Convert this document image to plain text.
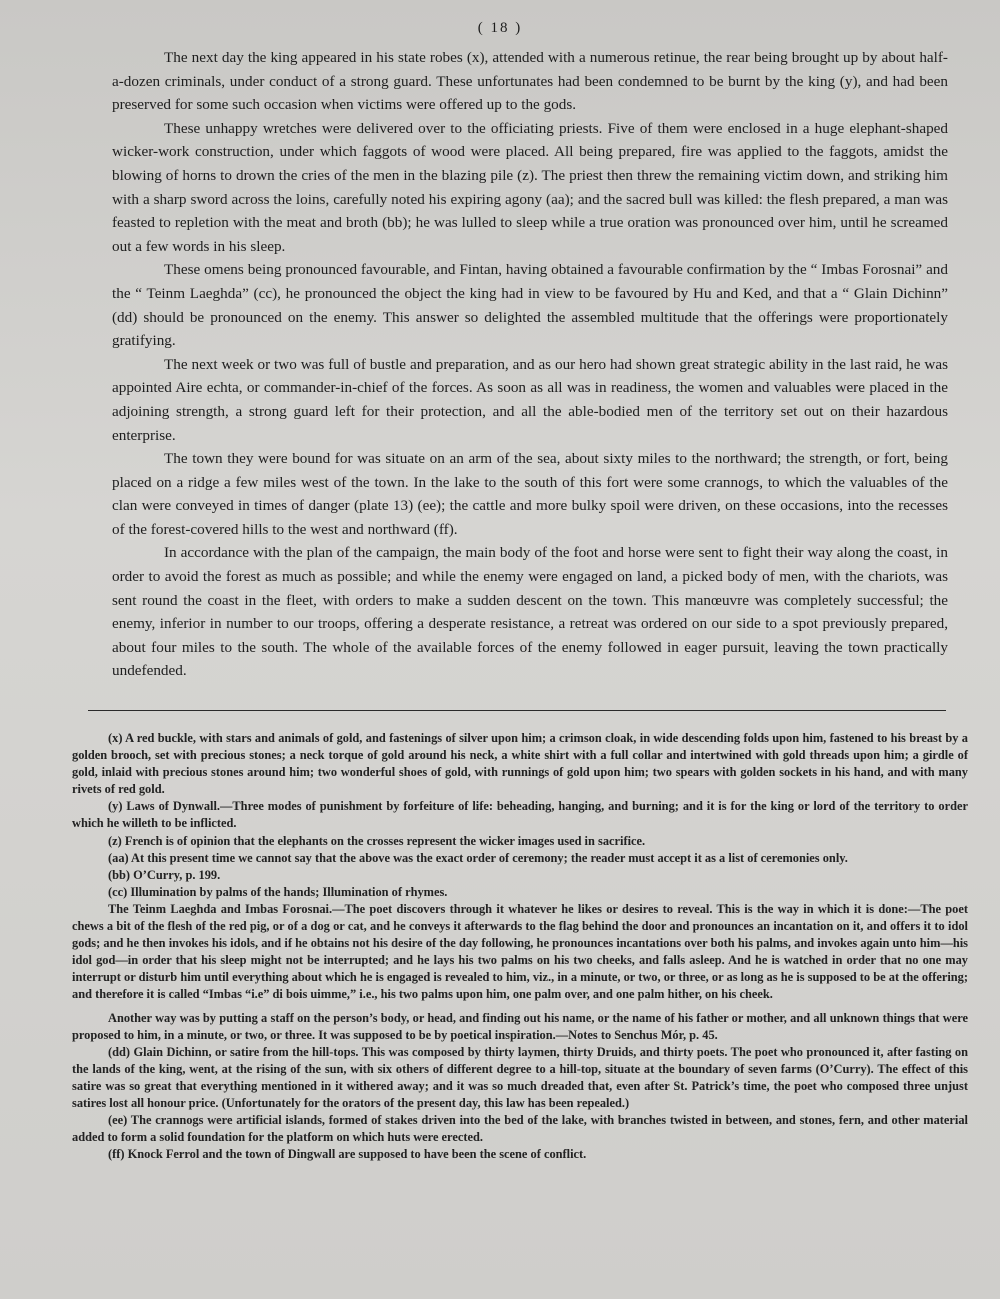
( 18 )

The next day the king appeared in his state robes (x), attended with a numerous retinue, the rear being brought up by about half-a-dozen criminals, under conduct of a strong guard. These unfortunates had been condemned to be burnt by the king (y), and had been preserved for some such occasion when victims were offered up to the gods.

These unhappy wretches were delivered over to the officiating priests. Five of them were enclosed in a huge elephant-shaped wicker-work construction, under which faggots of wood were placed. All being prepared, fire was applied to the faggots, amidst the blowing of horns to drown the cries of the men in the blazing pile (z). The priest then threw the remaining victim down, and striking him with a sharp sword across the loins, carefully noted his expiring agony (aa); and the sacred bull was killed: the flesh prepared, a man was feasted to repletion with the meat and broth (bb); he was lulled to sleep while a true oration was pronounced over him, until he screamed out a few words in his sleep.

These omens being pronounced favourable, and Fintan, having obtained a favourable confirmation by the “ Imbas Forosnai” and the “ Teinm Laeghda” (cc), he pronounced the object the king had in view to be favoured by Hu and Ked, and that a “ Glain Dichinn” (dd) should be pronounced on the enemy. This answer so delighted the assembled multitude that the offerings were proportionately gratifying.

The next week or two was full of bustle and preparation, and as our hero had shown great strategic ability in the last raid, he was appointed Aire echta, or commander-in-chief of the forces. As soon as all was in readiness, the women and valuables were placed in the adjoining strength, a strong guard left for their protection, and all the able-bodied men of the territory set out on their hazardous enterprise.

The town they were bound for was situate on an arm of the sea, about sixty miles to the northward; the strength, or fort, being placed on a ridge a few miles west of the town. In the lake to the south of this fort were some crannogs, to which the valuables of the clan were conveyed in times of danger (plate 13) (ee); the cattle and more bulky spoil were driven, on these occasions, into the recesses of the forest-covered hills to the west and northward (ff).

In accordance with the plan of the campaign, the main body of the foot and horse were sent to fight their way along the coast, in order to avoid the forest as much as possible; and while the enemy were engaged on land, a picked body of men, with the chariots, was sent round the coast in the fleet, with orders to make a sudden descent on the town. This manœuvre was completely successful; the enemy, inferior in number to our troops, offering a desperate resistance, a retreat was ordered on our side to a spot previously prepared, about four miles to the south. The whole of the available forces of the enemy followed in eager pursuit, leaving the town practically undefended.

(x) A red buckle, with stars and animals of gold, and fastenings of silver upon him; a crimson cloak, in wide descending folds upon him, fastened to his breast by a golden brooch, set with precious stones; a neck torque of gold around his neck, a white shirt with a full collar and intertwined with gold threads upon him; a girdle of gold, inlaid with precious stones around him; two wonderful shoes of gold, with runnings of gold upon him; two spears with golden sockets in his hand, and with many rivets of red gold.

(y) Laws of Dynwall.—Three modes of punishment by forfeiture of life: beheading, hanging, and burning; and it is for the king or lord of the territory to order which he willeth to be inflicted.

(z) French is of opinion that the elephants on the crosses represent the wicker images used in sacrifice.

(aa) At this present time we cannot say that the above was the exact order of ceremony; the reader must accept it as a list of ceremonies only.

(bb) O’Curry, p. 199.

(cc) Illumination by palms of the hands; Illumination of rhymes.

The Teinm Laeghda and Imbas Forosnai.—The poet discovers through it whatever he likes or desires to reveal. This is the way in which it is done:—The poet chews a bit of the flesh of the red pig, or of a dog or cat, and he conveys it afterwards to the flag behind the door and pronounces an incantation on it, and offers it to idol gods; and he then invokes his idols, and if he obtains not his desire of the day following, he pronounces incantations over both his palms, and invokes again unto him—his idol god—in order that his sleep might not be interrupted; and he lays his two palms on his two cheeks, and falls asleep. And he is watched in order that no one may interrupt or disturb him until everything about which he is engaged is revealed to him, viz., in a minute, or two, or three, or as long as he is supposed to be at the offering; and therefore it is called “Imbas “i.e” di bois uimme,” i.e., his two palms upon him, one palm over, and one palm hither, on his cheek.

Another way was by putting a staff on the person’s body, or head, and finding out his name, or the name of his father or mother, and all unknown things that were proposed to him, in a minute, or two, or three. It was supposed to be by poetical inspiration.—Notes to Senchus Mór, p. 45.

(dd) Glain Dichinn, or satire from the hill-tops. This was composed by thirty laymen, thirty Druids, and thirty poets. The poet who pronounced it, after fasting on the lands of the king, went, at the rising of the sun, with six others of different degree to a hill-top, situate at the boundary of seven farms (O’Curry). The effect of this satire was so great that everything mentioned in it withered away; and it was so much dreaded that, even after St. Patrick’s time, the poet who composed three unjust satires lost all honour price. (Unfortunately for the orators of the present day, this law has been repealed.)

(ee) The crannogs were artificial islands, formed of stakes driven into the bed of the lake, with branches twisted in between, and stones, fern, and other material added to form a solid foundation for the platform on which huts were erected.

(ff) Knock Ferrol and the town of Dingwall are supposed to have been the scene of conflict.
